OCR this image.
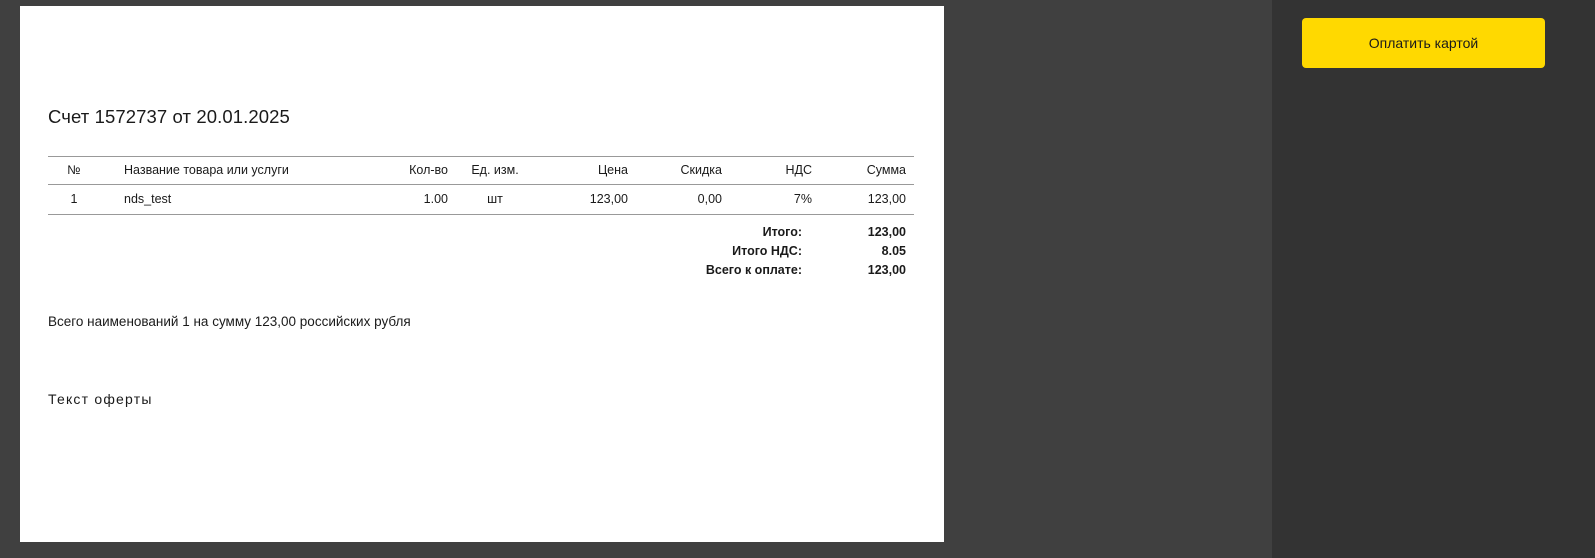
Счет 1572737 от 20.01.2025
№	Название товара или услуги	Кол-во	Ед. изм.	Цена	Скидка	НДС	Сумма
1	nds_test	1.00	шт	123,00	0,00	7%	123,00
Итого:	123,00
Итого НДС:	8.05
Всего к оплате:	123,00
Всего наименований 1 на сумму 123,00 российских рубля
Текст оферты
Оплатить картой
